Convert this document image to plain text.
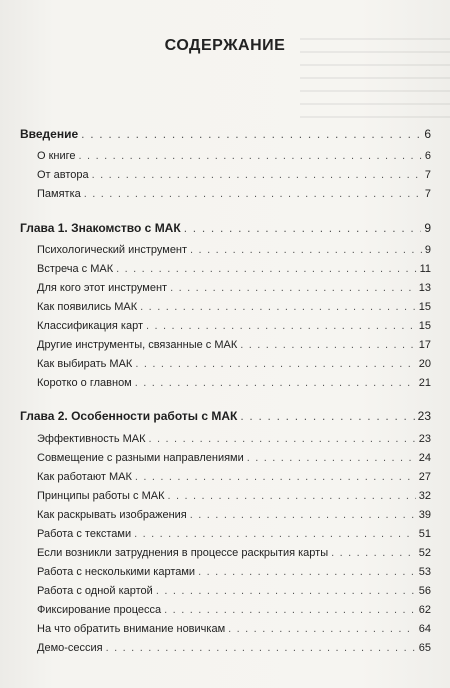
СОДЕРЖАНИЕ
Введение . . .	6
О книге . . .	6
От автора . . .	7
Памятка . . .	7
Глава 1. Знакомство с МАК . . .	9
Психологический инструмент . . .	9
Встреча с МАК . . .	11
Для кого этот инструмент . . .	13
Как появились МАК . . .	15
Классификация карт . . .	15
Другие инструменты, связанные с МАК . . .	17
Как выбирать МАК . . .	20
Коротко о главном . . .	21
Глава 2. Особенности работы с МАК . . .	23
Эффективность МАК . . .	23
Совмещение с разными направлениями . . .	24
Как работают МАК . . .	27
Принципы работы с МАК . . .	32
Как раскрывать изображения . . .	39
Работа с текстами . . .	51
Если возникли затруднения в процессе раскрытия карты . . .	52
Работа с несколькими картами . . .	53
Работа с одной картой . . .	56
Фиксирование процесса . . .	62
На что обратить внимание новичкам . . .	64
Демо-сессия . . .	65
